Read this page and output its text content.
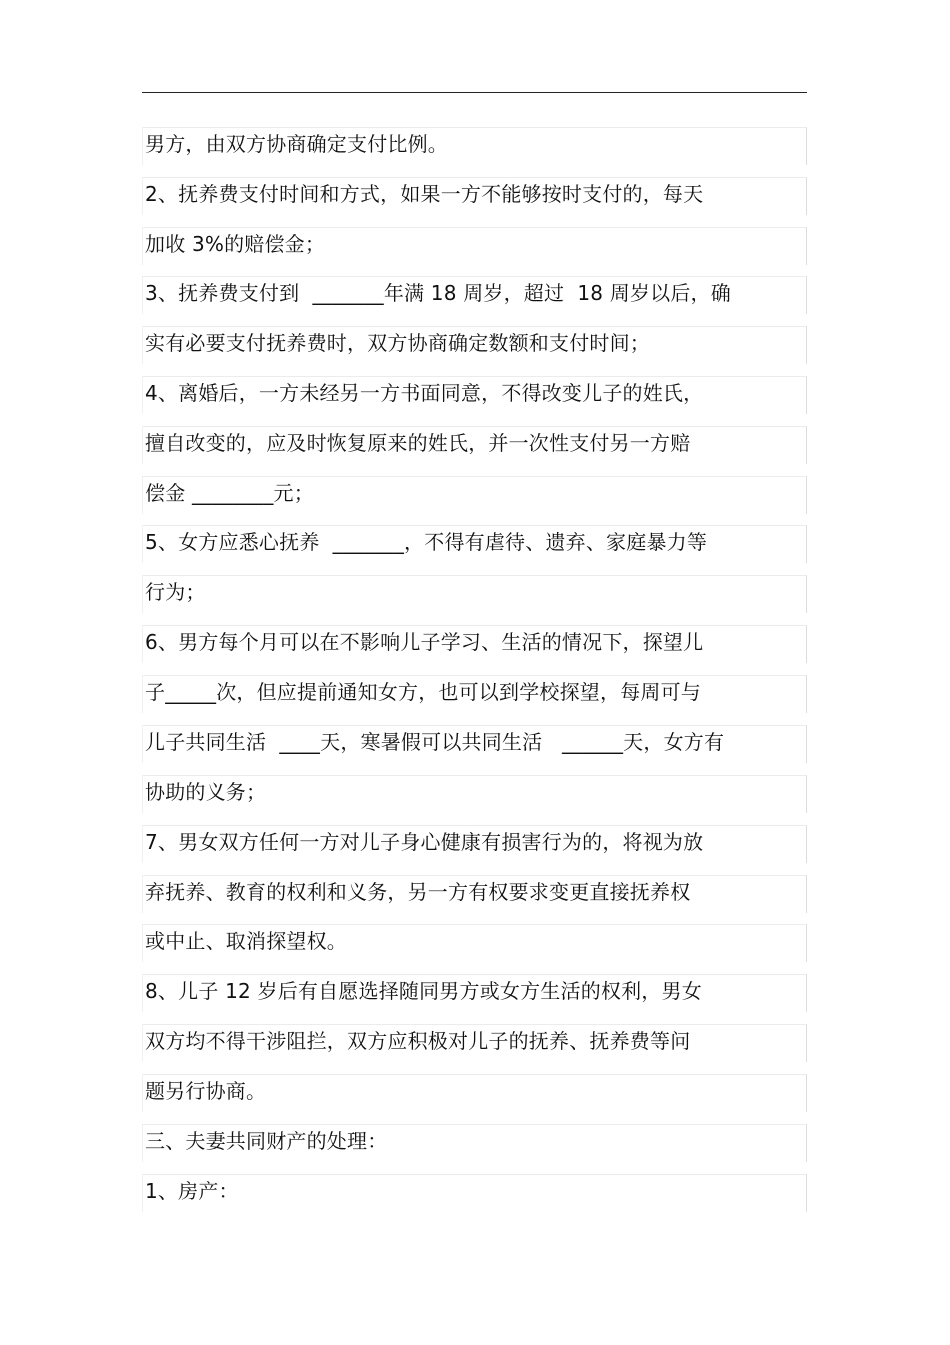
男方，由双方协商确定支付比例。
2、抚养费支付时间和方式，如果一方不能够按时支付的，每天
加收 3%的赔偿金；
3、抚养费支付到  _______年满 18 周岁，超过  18 周岁以后，确
实有必要支付抚养费时，双方协商确定数额和支付时间；
4、离婚后，一方未经另一方书面同意，不得改变儿子的姓氏，
擅自改变的，应及时恢复原来的姓氏，并一次性支付另一方赔
偿金 ________元；
5、女方应悉心抚养  _______，不得有虐待、遗弃、家庭暴力等
行为；
6、男方每个月可以在不影响儿子学习、生活的情况下，探望儿
子_____次，但应提前通知女方，也可以到学校探望，每周可与
儿子共同生活  ____天，寒暑假可以共同生活   ______天，女方有
协助的义务；
7、男女双方任何一方对儿子身心健康有损害行为的，将视为放
弃抚养、教育的权利和义务，另一方有权要求变更直接抚养权
或中止、取消探望权。
8、儿子 12 岁后有自愿选择随同男方或女方生活的权利，男女
双方均不得干涉阻拦，双方应积极对儿子的抚养、抚养费等问
题另行协商。
三、夫妻共同财产的处理：
1、房产：
